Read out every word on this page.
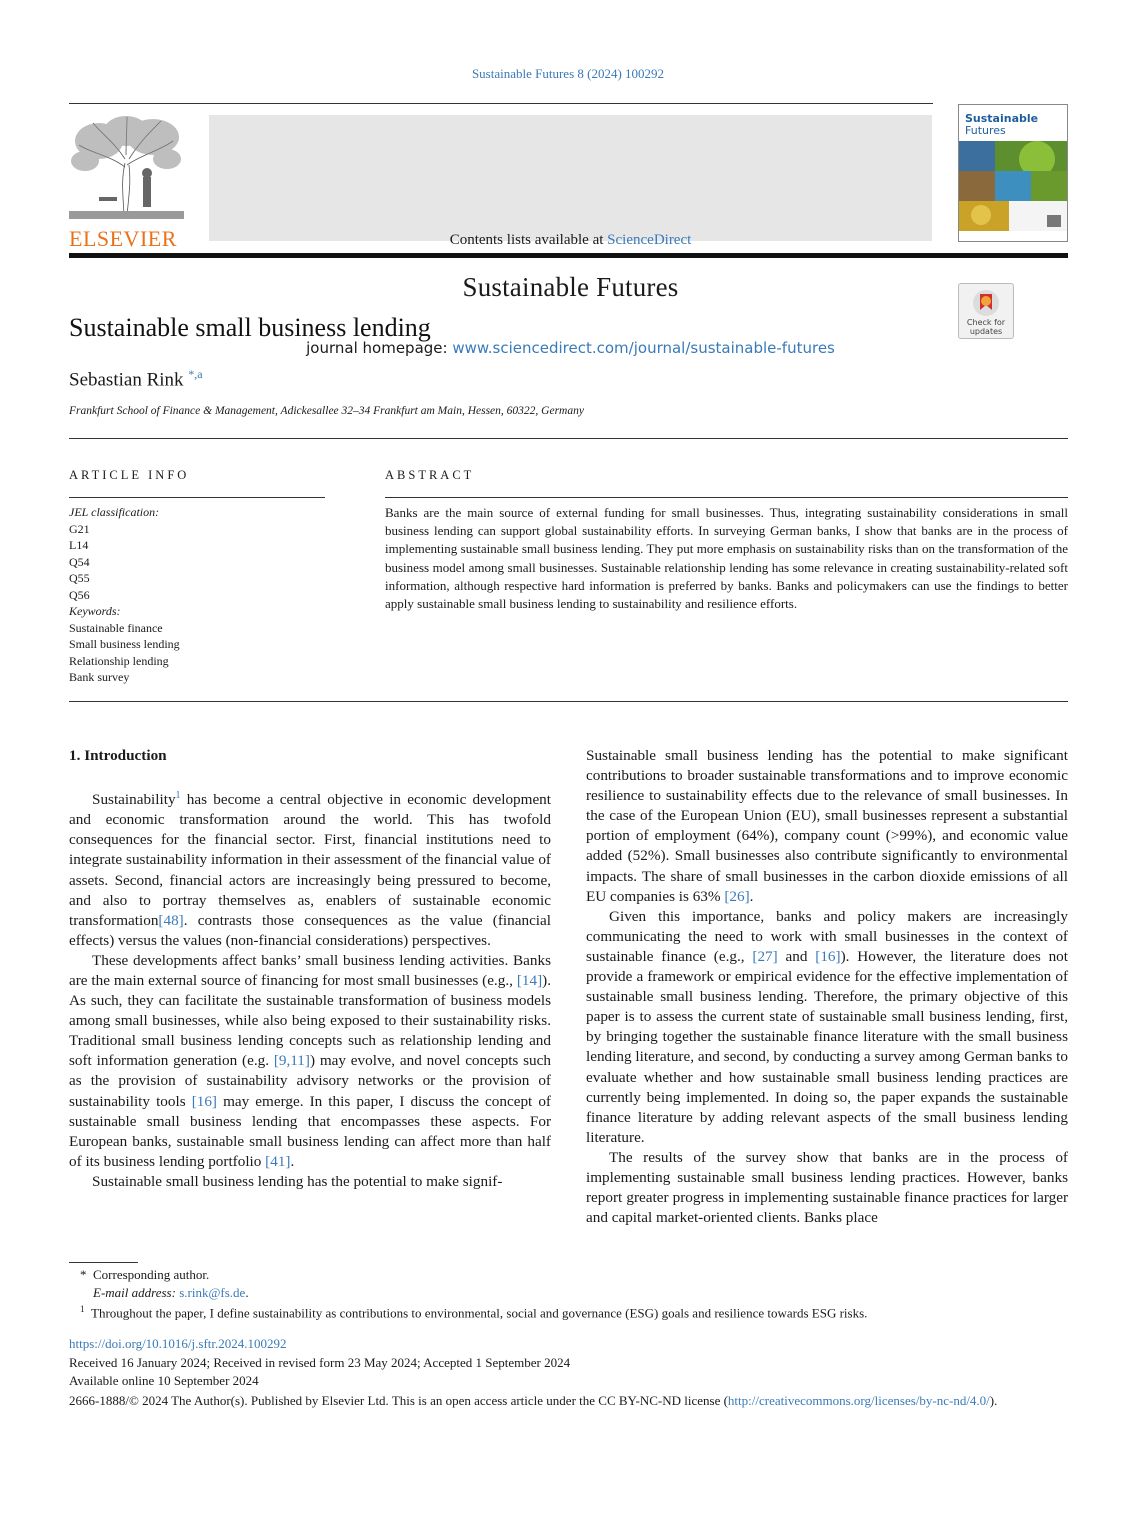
Sustainable Futures 8 (2024) 100292
ELSEVIER	Contents lists available at ScienceDirect
Sustainable Futures
journal homepage: www.sciencedirect.com/journal/sustainable-futures
Sustainable
Futures
Check for
updates
Sustainable small business lending
Sebastian Rink $^{*,a}$
Frankfurt School of Finance & Management, Adickesallee 32–34 Frankfurt am Main, Hessen, 60322, Germany
ARTICLE INFO
JEL classification:
G21
L14
Q54
Q55
Q56
Keywords:
Sustainable finance
Small business lending
Relationship lending
Bank survey
ABSTRACT
Banks are the main source of external funding for small businesses. Thus, integrating sustainability considerations in small business lending can support global sustainability efforts. In surveying German banks, I show that banks are in the process of implementing sustainable small business lending. They put more emphasis on sustainability risks than on the transformation of the business model among small businesses. Sustainable relationship lending has some relevance in creating sustainability-related soft information, although respective hard information is preferred by banks. Banks and policymakers can use the findings to better apply sustainable small business lending to sustainability and resilience efforts.

1. Introduction

Sustainability$^1$ has become a central objective in economic development and economic transformation around the world. This has twofold consequences for the financial sector. First, financial institutions need to integrate sustainability information in their assessment of the financial value of assets. Second, financial actors are increasingly being pressured to become, and also to portray themselves as, enablers of sustainable economic transformation[48]. contrasts those consequences as the value (financial effects) versus the values (non-financial considerations) perspectives.

These developments affect banks’ small business lending activities. Banks are the main external source of financing for most small businesses (e.g., [14]). As such, they can facilitate the sustainable transformation of business models among small businesses, while also being exposed to their sustainability risks. Traditional small business lending concepts such as relationship lending and soft information generation (e.g. [9,11]) may evolve, and novel concepts such as the provision of sustainability advisory networks or the provision of sustainability tools [16] may emerge. In this paper, I discuss the concept of sustainable small business lending that encompasses these aspects. For European banks, sustainable small business lending can affect more than half of its business lending portfolio [41].

Sustainable small business lending has the potential to make signif-

Sustainable small business lending has the potential to make significant contributions to broader sustainable transformations and to improve economic resilience to sustainability effects due to the relevance of small businesses. In the case of the European Union (EU), small businesses represent a substantial portion of employment (64%), company count (>99%), and economic value added (52%). Small businesses also contribute significantly to environmental impacts. The share of small businesses in the carbon dioxide emissions of all EU companies is 63% [26].

Given this importance, banks and policy makers are increasingly communicating the need to work with small businesses in the context of sustainable finance (e.g., [27] and [16]). However, the literature does not provide a framework or empirical evidence for the effective implementation of sustainable small business lending. Therefore, the primary objective of this paper is to assess the current state of sustainable small business lending, first, by bringing together the sustainable finance literature with the small business lending literature, and second, by conducting a survey among German banks to evaluate whether and how sustainable small business lending practices are currently being implemented. In doing so, the paper expands the sustainable finance literature by adding relevant aspects of the small business lending literature.

The results of the survey show that banks are in the process of implementing sustainable small business lending practices. However, banks report greater progress in implementing sustainable finance practices for larger and capital market-oriented clients. Banks place

* Corresponding author.
E-mail address: s.rink@fs.de.
$^1$ Throughout the paper, I define sustainability as contributions to environmental, social and governance (ESG) goals and resilience towards ESG risks.
https://doi.org/10.1016/j.sftr.2024.100292
Received 16 January 2024; Received in revised form 23 May 2024; Accepted 1 September 2024
Available online 10 September 2024
2666-1888/© 2024 The Author(s). Published by Elsevier Ltd. This is an open access article under the CC BY-NC-ND license (http://creativecommons.org/licenses/by-nc-nd/4.0/).
